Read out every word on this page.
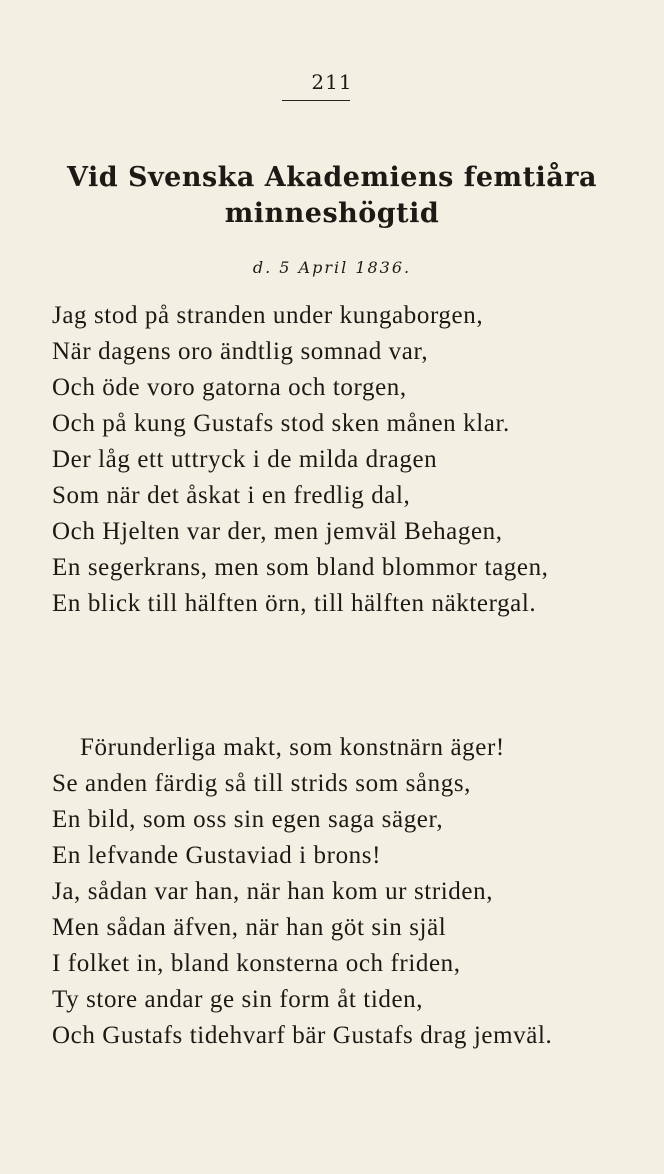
211
Vid Svenska Akademiens femtiåra minneshögtid
d. 5 April 1836.
Jag stod på stranden under kungaborgen,
När dagens oro ändtlig somnad var,
Och öde voro gatorna och torgen,
Och på kung Gustafs stod sken månen klar.
Der låg ett uttryck i de milda dragen
Som när det åskat i en fredlig dal,
Och Hjelten var der, men jemväl Behagen,
En segerkrans, men som bland blommor tagen,
En blick till hälften örn, till hälften näktergal.
Förunderliga makt, som konstnärn äger!
Se anden färdig så till strids som sångs,
En bild, som oss sin egen saga säger,
En lefvande Gustaviad i brons!
Ja, sådan var han, när han kom ur striden,
Men sådan äfven, när han göt sin själ
I folket in, bland konsterna och friden,
Ty store andar ge sin form åt tiden,
Och Gustafs tidehvarf bär Gustafs drag jemväl.
